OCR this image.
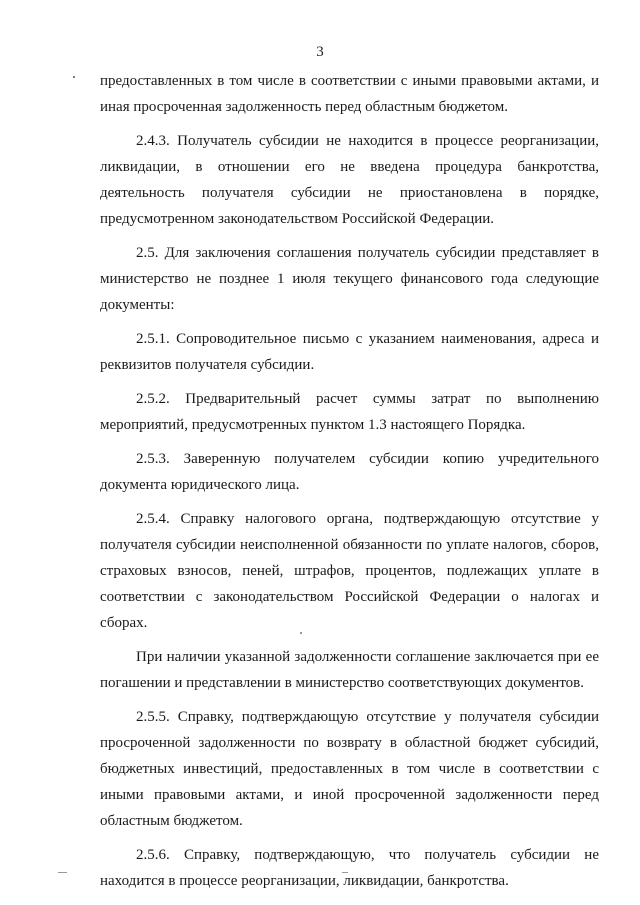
3

предоставленных в том числе в соответствии с иными правовыми актами, и иная просроченная задолженность перед областным бюджетом.

2.4.3. Получатель субсидии не находится в процессе реорганизации, ликвидации, в отношении его не введена процедура банкротства, деятельность получателя субсидии не приостановлена в порядке, предусмотренном законодательством Российской Федерации.

2.5. Для заключения соглашения получатель субсидии представляет в министерство не позднее 1 июля текущего финансового года следующие документы:

2.5.1. Сопроводительное письмо с указанием наименования, адреса и реквизитов получателя субсидии.

2.5.2. Предварительный расчет суммы затрат по выполнению мероприятий, предусмотренных пунктом 1.3 настоящего Порядка.

2.5.3. Заверенную получателем субсидии копию учредительного документа юридического лица.

2.5.4. Справку налогового органа, подтверждающую отсутствие у получателя субсидии неисполненной обязанности по уплате налогов, сборов, страховых взносов, пеней, штрафов, процентов, подлежащих уплате в соответствии с законодательством Российской Федерации о налогах и сборах.

При наличии указанной задолженности соглашение заключается при ее погашении и представлении в министерство соответствующих документов.

2.5.5. Справку, подтверждающую отсутствие у получателя субсидии просроченной задолженности по возврату в областной бюджет субсидий, бюджетных инвестиций, предоставленных в том числе в соответствии с иными правовыми актами, и иной просроченной задолженности перед областным бюджетом.

2.5.6. Справку, подтверждающую, что получатель субсидии не находится в процессе реорганизации, ликвидации, банкротства.
